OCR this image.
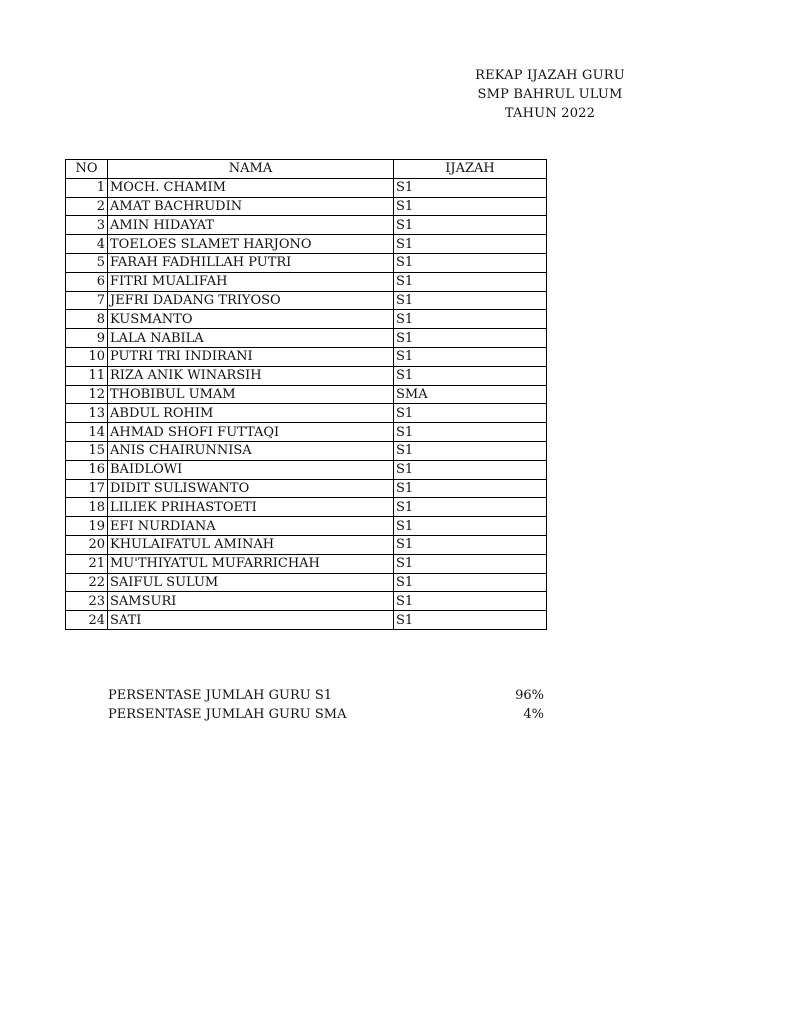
REKAP IJAZAH GURU
SMP BAHRUL ULUM
TAHUN 2022
NO	NAMA	IJAZAH
1	MOCH. CHAMIM	S1
2	AMAT BACHRUDIN	S1
3	AMIN HIDAYAT	S1
4	TOELOES SLAMET HARJONO	S1
5	FARAH FADHILLAH PUTRI	S1
6	FITRI MUALIFAH	S1
7	JEFRI DADANG TRIYOSO	S1
8	KUSMANTO	S1
9	LALA NABILA	S1
10	PUTRI TRI INDIRANI	S1
11	RIZA ANIK WINARSIH	S1
12	THOBIBUL UMAM	SMA
13	ABDUL ROHIM	S1
14	AHMAD SHOFI FUTTAQI	S1
15	ANIS CHAIRUNNISA	S1
16	BAIDLOWI	S1
17	DIDIT SULISWANTO	S1
18	LILIEK PRIHASTOETI	S1
19	EFI NURDIANA	S1
20	KHULAIFATUL AMINAH	S1
21	MU'THIYATUL MUFARRICHAH	S1
22	SAIFUL SULUM	S1
23	SAMSURI	S1
24	SATI	S1
PERSENTASE JUMLAH GURU S1	96%
PERSENTASE JUMLAH GURU SMA	4%
